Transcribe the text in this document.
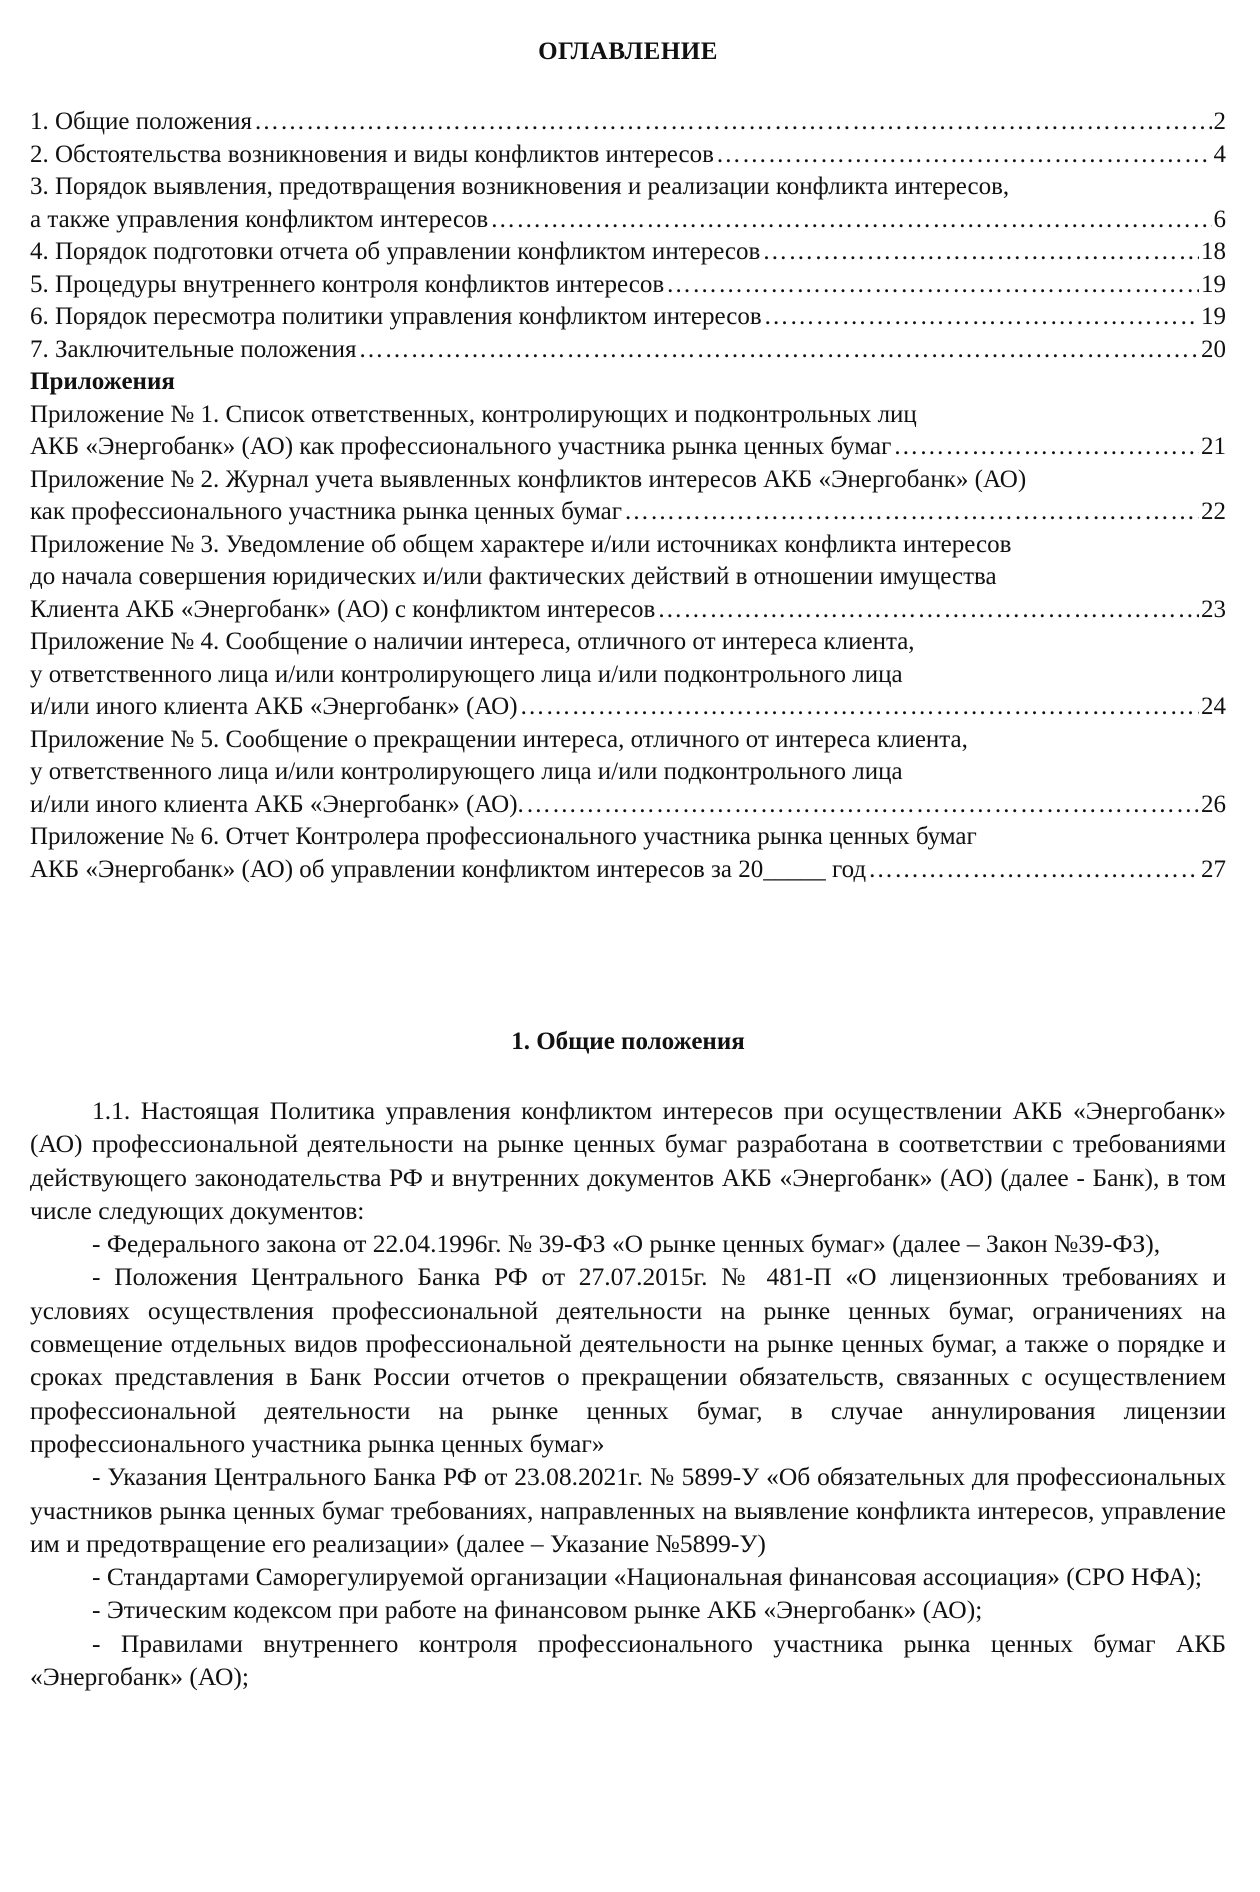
ОГЛАВЛЕНИЕ
1. Общие положения ……………………………………………………………………………………………………………………………………………………………………………………………………………………	2
2. Обстоятельства возникновения и виды конфликтов интересов ……………………………………………………………………………………………………………………………………………………………………………………………………………………	4
3. Порядок выявления, предотвращения возникновения и реализации конфликта интересов,
а также управления конфликтом интересов ……………………………………………………………………………………………………………………………………………………………………………………………………………………	6
4. Порядок подготовки отчета об управлении конфликтом интересов ……………………………………………………………………………………………………………………………………………………………………………………………………………………	18
5. Процедуры внутреннего контроля конфликтов интересов ……………………………………………………………………………………………………………………………………………………………………………………………………………………	19
6. Порядок пересмотра политики управления конфликтом интересов ……………………………………………………………………………………………………………………………………………………………………………………………………………………	19
7. Заключительные положения ……………………………………………………………………………………………………………………………………………………………………………………………………………………	20
Приложения
Приложение № 1. Список ответственных, контролирующих и подконтрольных лиц
АКБ «Энергобанк» (АО) как профессионального участника рынка ценных бумаг ……………………………………………………………………………………………………………………………………………………………………………………………………………………	21
Приложение № 2. Журнал учета выявленных конфликтов интересов АКБ «Энергобанк» (АО)
как профессионального участника рынка ценных бумаг ……………………………………………………………………………………………………………………………………………………………………………………………………………………	22
Приложение № 3. Уведомление об общем характере и/или источниках конфликта интересов
до начала совершения юридических и/или фактических действий в отношении имущества
Клиента АКБ «Энергобанк» (АО) с конфликтом интересов ……………………………………………………………………………………………………………………………………………………………………………………………………………………	23
Приложение № 4. Сообщение о наличии интереса, отличного от интереса клиента,
у ответственного лица и/или контролирующего лица и/или подконтрольного лица
и/или иного клиента АКБ «Энергобанк» (АО) ……………………………………………………………………………………………………………………………………………………………………………………………………………………	24
Приложение № 5. Сообщение о прекращении интереса, отличного от интереса клиента,
у ответственного лица и/или контролирующего лица и/или подконтрольного лица
и/или иного клиента АКБ «Энергобанк» (АО). ……………………………………………………………………………………………………………………………………………………………………………………………………………………	26
Приложение № 6. Отчет Контролера профессионального участника рынка ценных бумаг
АКБ «Энергобанк» (АО) об управлении конфликтом интересов за 20_____ год ……………………………………………………………………………………………………………………………………………………………………………………………………………………	27
1. Общие положения

1.1. Настоящая Политика управления конфликтом интересов при осуществлении АКБ «Энергобанк» (АО) профессиональной деятельности на рынке ценных бумаг разработана в соответствии с требованиями действующего законодательства РФ и внутренних документов АКБ «Энергобанк» (АО) (далее - Банк), в том числе следующих документов:

- Федерального закона от 22.04.1996г. № 39-ФЗ «О рынке ценных бумаг» (далее – Закон №39-ФЗ),

- Положения Центрального Банка РФ от 27.07.2015г. № 481-П «О лицензионных требованиях и условиях осуществления профессиональной деятельности на рынке ценных бумаг, ограничениях на совмещение отдельных видов профессиональной деятельности на рынке ценных бумаг, а также о порядке и сроках представления в Банк России отчетов о прекращении обязательств, связанных с осуществлением профессиональной деятельности на рынке ценных бумаг, в случае аннулирования лицензии профессионального участника рынка ценных бумаг»

- Указания Центрального Банка РФ от 23.08.2021г. № 5899-У «Об обязательных для профессиональных участников рынка ценных бумаг требованиях, направленных на выявление конфликта интересов, управление им и предотвращение его реализации» (далее – Указание №5899-У)

- Стандартами Саморегулируемой организации «Национальная финансовая ассоциация» (СРО НФА);

- Этическим кодексом при работе на финансовом рынке АКБ «Энергобанк» (АО);

- Правилами внутреннего контроля профессионального участника рынка ценных бумаг АКБ «Энергобанк» (АО);
